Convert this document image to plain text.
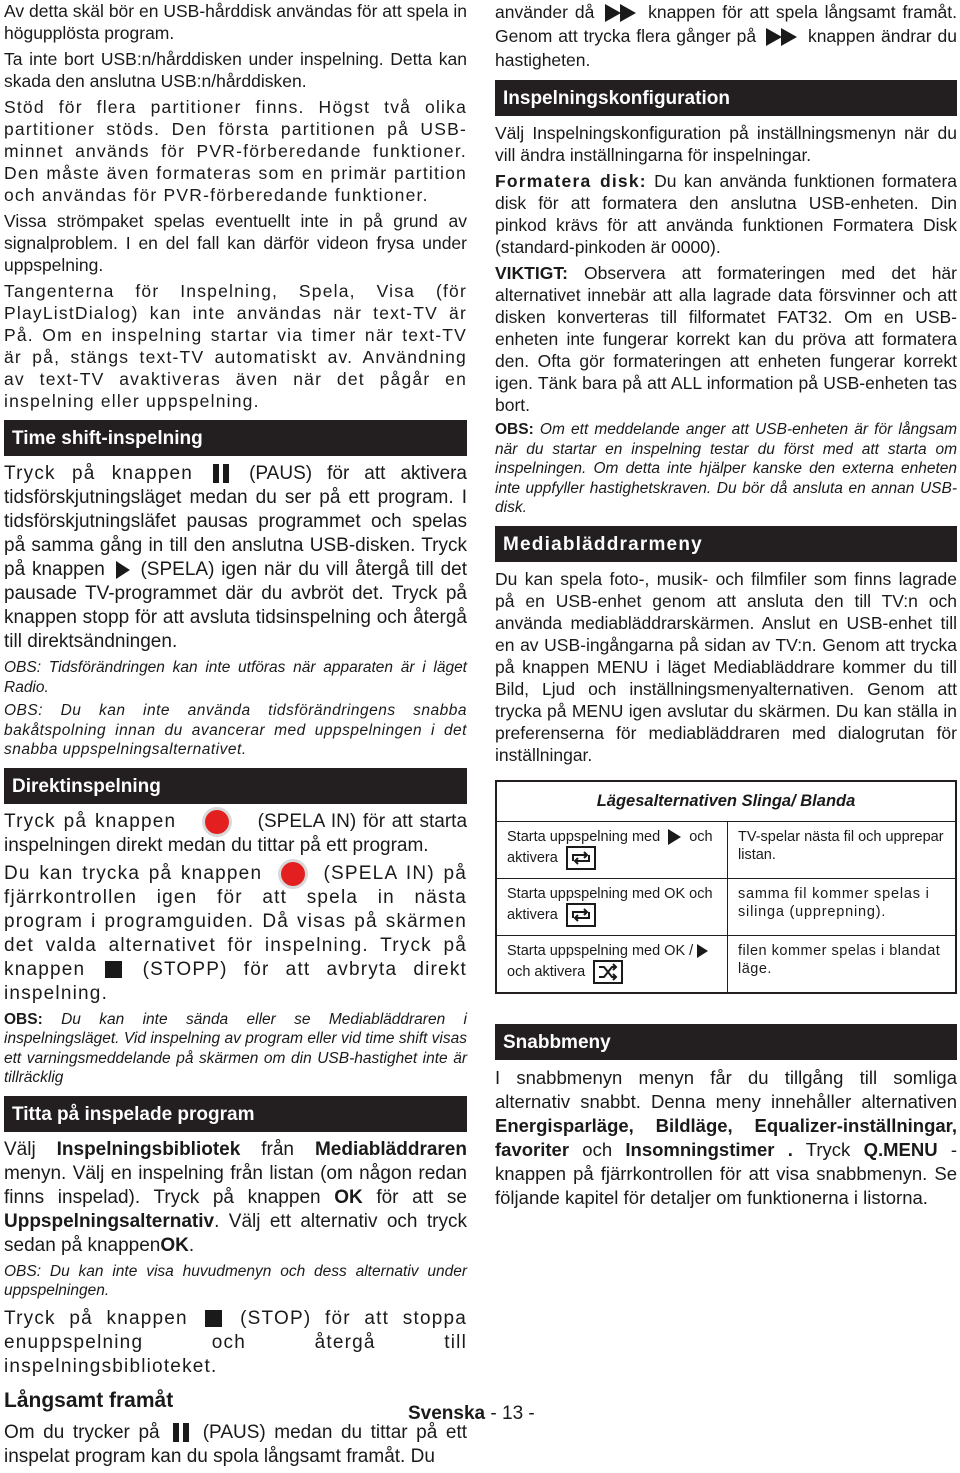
Av detta skäl bör en USB-hårddisk användas för att spela in högupplösta program.

Ta inte bort USB:n/hårddisken under inspelning. Detta kan skada den anslutna USB:n/hårddisken.

Stöd för flera partitioner finns. Högst två olika partitioner stöds. Den första partitionen på USB-minnet används för PVR-förberedande funktioner. Den måste även formateras som en primär partition och användas för PVR-förberedande funktioner.

Vissa strömpaket spelas eventuellt inte in på grund av signalproblem. I en del fall kan därför videon frysa under uppspelning.

Tangenterna för Inspelning, Spela, Visa (för PlayListDialog) kan inte användas när text-TV är På. Om en inspelning startar via timer när text-TV är på, stängs text-TV automatiskt av. Användning av text-TV avaktiveras även när det pågår en inspelning eller uppspelning.

Time shift-inspelning

Tryck på knappen	(PAUS) för att aktivera tidsförskjutningsläget medan du ser på ett program. I tidsförskjutningsläfet pausas programmet och spelas på samma gång in till den anslutna USB-disken. Tryck på knappen (SPELA) igen när du vill återgå till det pausade TV-programmet där du avbröt det. Tryck på knappen stopp för att avsluta tidsinspelning och återgå till direktsändningen.

OBS: Tidsförändringen kan inte utföras när apparaten är i läget Radio.

OBS: Du kan inte använda tidsförändringens snabba bakåtspolning innan du avancerar med uppspelningen i det snabba uppspelningsalternativet.

Direktinspelning

Tryck på knappen	(SPELA IN) för att starta inspelningen direkt medan du tittar på ett program.

Du kan trycka på knappen	(SPELA IN) på fjärrkontrollen igen för att spela in nästa program i programguiden. Då visas på skärmen det valda alternativet för inspelning. Tryck på knappen	(STOPP) för att avbryta direkt inspelning.

OBS: Du kan inte sända eller se Mediabläddraren i inspelningsläget. Vid inspelning av program eller vid time shift visas ett varningsmeddelande på skärmen om din USB-hastighet inte är tillräcklig

Titta på inspelade program

Välj Inspelningsbibliotek från Mediabläddraren menyn. Välj en inspelning från listan (om någon redan finns inspelad). Tryck på knappen OK för att se Uppspelningsalternativ. Välj ett alternativ och tryck sedan på knappenOK.

OBS: Du kan inte visa huvudmenyn och dess alternativ under uppspelningen.

Tryck på knappen	(STOP) för att stoppa enuppspelning och återgå till inspelningsbiblioteket.

Långsamt framåt

Om du trycker på (PAUS) medan du tittar på ett inspelat program kan du spola långsamt framåt. Du

använder då	knappen för att spela långsamt framåt. Genom att trycka flera gånger på	knappen ändrar du hastigheten.

Inspelningskonfiguration

Välj Inspelningskonfiguration på inställningsmenyn när du vill ändra inställningarna för inspelningar.

Formatera disk: Du kan använda funktionen formatera disk för att formatera den anslutna USB-enheten. Din pinkod krävs för att använda funktionen Formatera Disk (standard-pinkoden är 0000).

VIKTIGT: Observera att formateringen med det här alternativet innebär att alla lagrade data försvinner och att disken konverteras till filformatet FAT32. Om en USB-enheten inte fungerar korrekt kan du pröva att formatera den. Ofta gör formateringen att enheten fungerar korrekt igen. Tänk bara på att ALL information på USB-enheten tas bort.

OBS: Om ett meddelande anger att USB-enheten är för långsam när du startar en inspelning testar du först med att starta om inspelningen. Om detta inte hjälper kanske den externa enheten inte uppfyller hastighetskraven. Du bör då ansluta en annan USB-disk.

Mediabläddrarmeny

Du kan spela foto-, musik- och filmfiler som finns lagrade på en USB-enhet genom att ansluta den till TV:n och använda mediabläddrarskärmen. Anslut en USB-enhet till en av USB-ingångarna på sidan av TV:n. Genom att trycka på knappen MENU i läget Mediabläddrare kommer du till Bild, Ljud och inställningsmenyalternativen. Genom att trycka på MENU igen avslutar du skärmen. Du kan ställa in preferenserna för mediabläddraren med dialogrutan för inställningar.

Lägesalternativen Slinga/ Blanda	
Starta uppspelning med och
aktivera	TV-spelar nästa fil och upprepar listan.
Starta uppspelning med OK och
aktivera	samma fil kommer spelas i silinga (upprepning).
Starta uppspelning med OK /
och aktivera	filen kommer spelas i blandat läge.
Snabbmeny

I snabbmenyn menyn får du tillgång till somliga alternativ snabbt. Denna meny innehåller alternativen Energisparläge, Bildläge, Equalizer-inställningar, favoriter och Insomningstimer . Tryck Q.MENU -knappen på fjärrkontrollen för att visa snabbmenyn. Se följande kapitel för detaljer om funktionerna i listorna.

Svenska - 13 -
